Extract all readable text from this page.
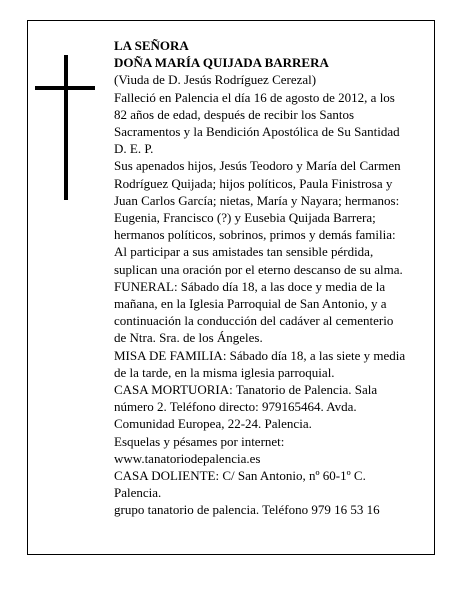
LA SEÑORA

DOÑA MARÍA QUIJADA BARRERA

(Viuda de D. Jesús Rodríguez Cerezal)

Falleció en Palencia el día 16 de agosto de 2012, a los 82 años de edad, después de recibir los Santos Sacramentos y la Bendición Apostólica de Su Santidad D. E. P.

Sus apenados hijos, Jesús Teodoro y María del Carmen Rodríguez Quijada; hijos políticos, Paula Finistrosa y Juan Carlos García; nietas, María y Nayara; hermanos: Eugenia, Francisco (?) y Eusebia Quijada Barrera; hermanos políticos, sobrinos, primos y demás familia:

Al participar a sus amistades tan sensible pérdida, suplican una oración por el eterno descanso de su alma.

FUNERAL: Sábado día 18, a las doce y media de la mañana, en la Iglesia Parroquial de San Antonio, y a continuación la conducción del cadáver al cementerio de Ntra. Sra. de los Ángeles.

MISA DE FAMILIA: Sábado día 18, a las siete y media de la tarde, en la misma iglesia parroquial.

CASA MORTUORIA: Tanatorio de Palencia. Sala número 2. Teléfono directo: 979165464. Avda. Comunidad Europea, 22-24. Palencia.

Esquelas y pésames por internet:

www.tanatoriodepalencia.es

CASA DOLIENTE: C/ San Antonio, nº 60-1º C. Palencia.

grupo tanatorio de palencia. Teléfono 979 16 53 16
